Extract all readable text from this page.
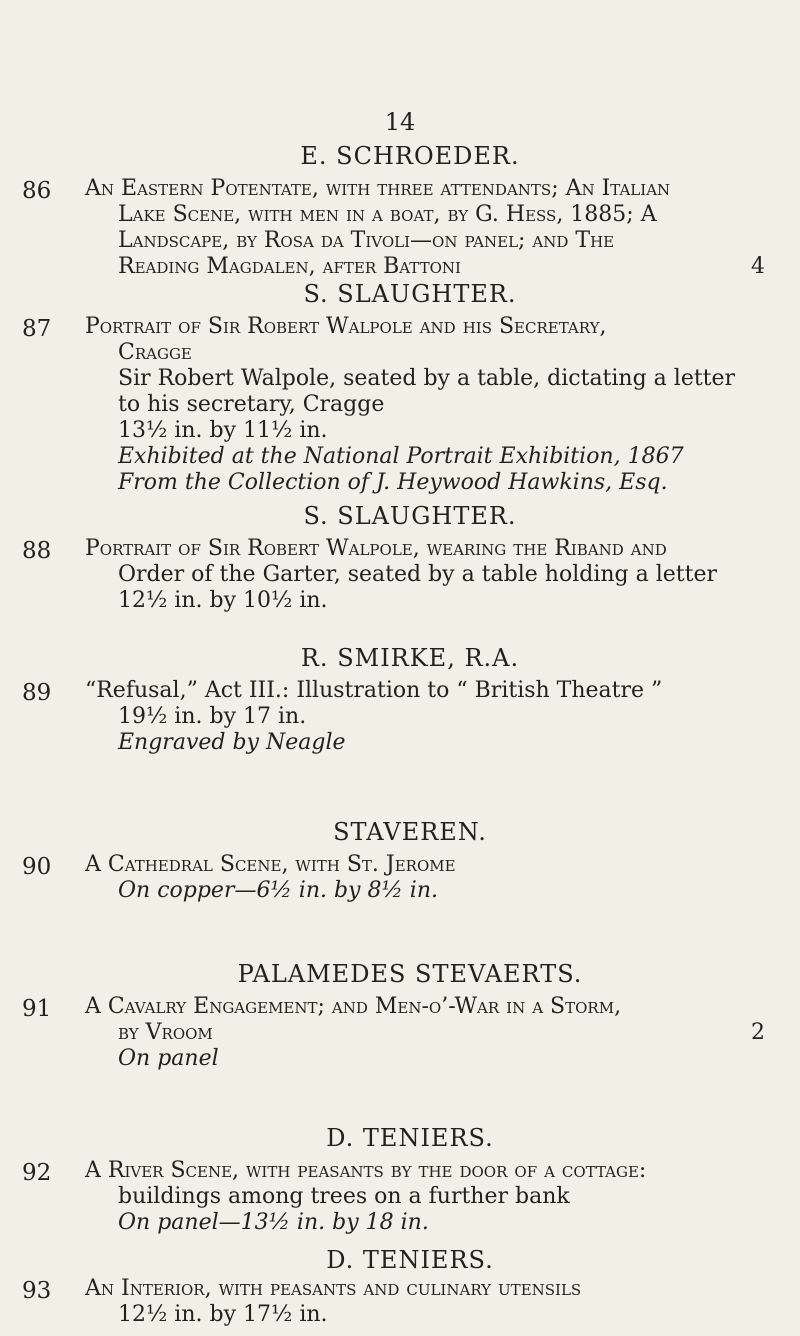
14
E. SCHROEDER.
86 An Eastern Potentate, with three attendants; An Italian
Lake Scene, with men in a boat, by G. Hess, 1885; A
Landscape, by Rosa da Tivoli—on panel; and The
Reading Magdalen, after Battoni	4
S. SLAUGHTER.
87 Portrait of Sir Robert Walpole and his Secretary,
Cragge
Sir Robert Walpole, seated by a table, dictating a letter
to his secretary, Cragge
13½ in. by 11½ in.
Exhibited at the National Portrait Exhibition, 1867
From the Collection of J. Heywood Hawkins, Esq.
S. SLAUGHTER.
88 Portrait of Sir Robert Walpole, wearing the Riband and
Order of the Garter, seated by a table holding a letter
12½ in. by 10½ in.
R. SMIRKE, R.A.
89 “Refusal,” Act III.: Illustration to “ British Theatre ”
19½ in. by 17 in.
Engraved by Neagle
STAVEREN.
90 A Cathedral Scene, with St. Jerome
On copper—6½ in. by 8½ in.
PALAMEDES STEVAERTS.
91 A Cavalry Engagement; and Men-o’-War in a Storm,
by Vroom	2
On panel
D. TENIERS.
92 A River Scene, with peasants by the door of a cottage:
buildings among trees on a further bank
On panel—13½ in. by 18 in.
D. TENIERS.
93 An Interior, with peasants and culinary utensils
12½ in. by 17½ in.
